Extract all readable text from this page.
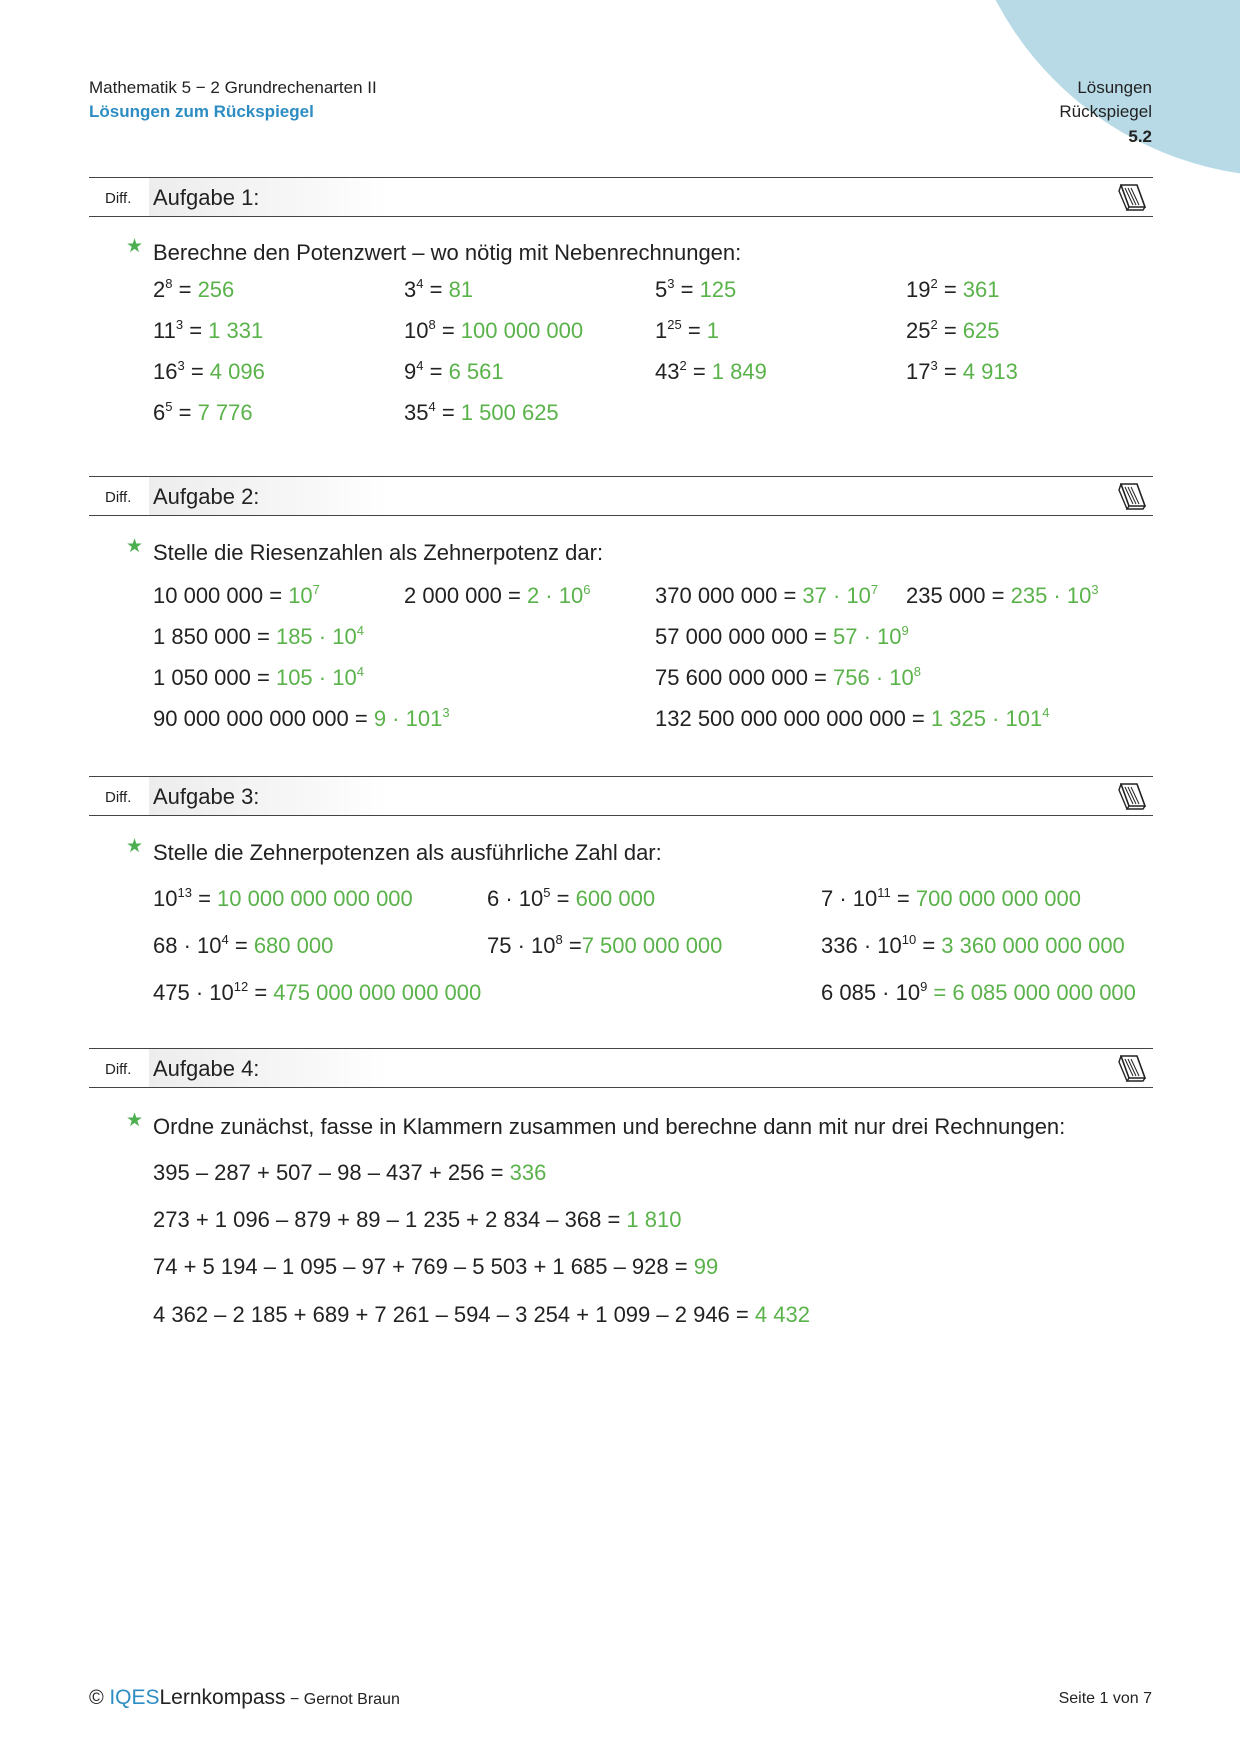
Mathematik 5 − 2 Grundrechenarten II
Lösungen zum Rückspiegel
Lösungen
Rückspiegel
5.2
Diff. Aufgabe 1:
★ Berechne den Potenzwert – wo nötig mit Nebenrechnungen:
$2^8 = 256$	$3^4 = 81$	$5^3 = 125$	$19^2 = 361$
$11^3 = 1$ 331	$10^8 = 100$ 000 000	$1^{25} = 1$	$25^2 = 625$
$16^3 = 4$ 096	$9^4 = 6$ 561	$43^2 = 1$ 849	$17^3 = 4$ 913
$6^5 = 7$ 776	$35^4 = 1$ 500 625
Diff. Aufgabe 2:
★ Stelle die Riesenzahlen als Zehnerpotenz dar:
10 000 $000 = 10^7$	2 000 $000 = 2 \cdot 10^6$	370 000 $000 = 37 \cdot 10^7$ 235 $000 = 235 \cdot 10^3$
1 850 $000 = 185 \cdot 10^4$	57 000 000 $000 = 57 \cdot 10^9$
1 050 $000 = 105 \cdot 10^4$	75 600 000 $000 = 756 \cdot 10^8$
90 000 000 000 $000 = 9 \cdot 101^3$	132 500 000 000 000 000 = 1 $325 \cdot 101^4$
Diff. Aufgabe 3:
★ Stelle die Zehnerpotenzen als ausführliche Zahl dar:
$10^{13} = 10$ 000 000 000 000	$6 \cdot 10^5 = 600$ 000	$7 \cdot 10^{11} = 700$ 000 000 000
$68 \cdot 10^4 = 680$ 000	$75 \cdot 10^8 =7$ 500 000 000	$336 \cdot 10^{10} = 3$ 360 000 000 000
$475 \cdot 10^{12} = 475$ 000 000 000 000	6 $085 \cdot 10^9 = 6$ 085 000 000 000
Diff. Aufgabe 4:
★ Ordne zunächst, fasse in Klammern zusammen und berechne dann mit nur drei Rechnungen:
395 – 287 + 507 – 98 – 437 + 256 = 336
273 + 1 096 – 879 + 89 – 1 235 + 2 834 – 368 = 1 810
74 + 5 194 – 1 095 – 97 + 769 – 5 503 + 1 685 – 928 = 99
4 362 – 2 185 + 689 + 7 261 – 594 – 3 254 + 1 099 – 2 946 = 4 432
© IQESLernkompass − Gernot Braun	Seite 1 von 7
